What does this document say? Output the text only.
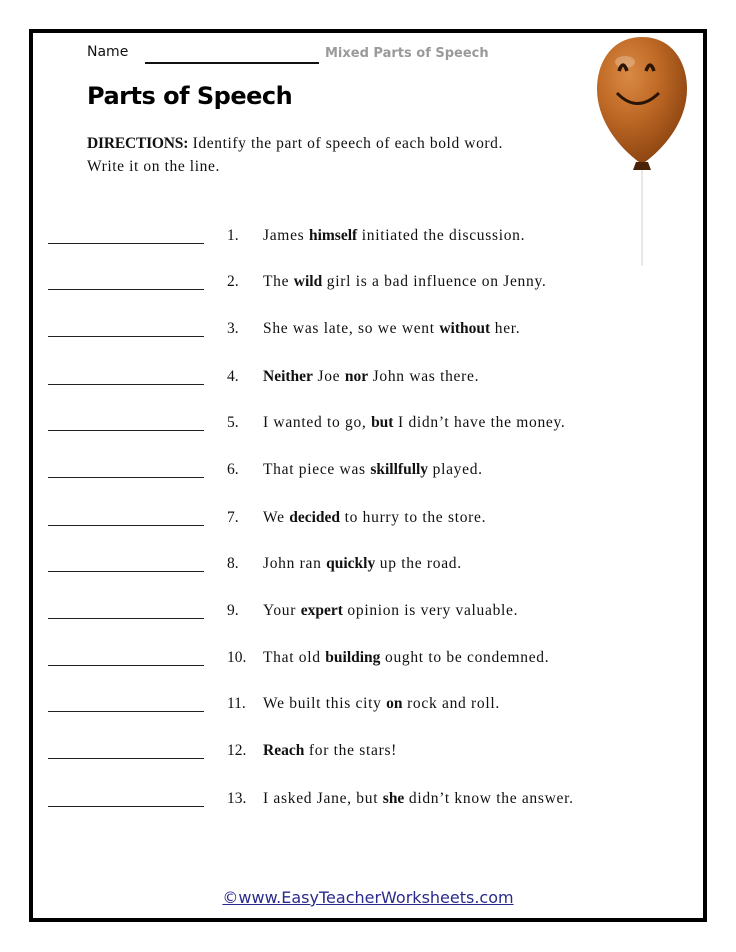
Name	Mixed Parts of Speech
Parts of Speech
DIRECTIONS: Identify the part of speech of each bold word. Write it on the line.
1. James himself initiated the discussion.
2. The wild girl is a bad influence on Jenny.
3. She was late, so we went without her.
4. Neither Joe nor John was there.
5. I wanted to go, but I didn’t have the money.
6. That piece was skillfully played.
7. We decided to hurry to the store.
8. John ran quickly up the road.
9. Your expert opinion is very valuable.
10. That old building ought to be condemned.
11. We built this city on rock and roll.
12. Reach for the stars!
13. I asked Jane, but she didn’t know the answer.
©www.EasyTeacherWorksheets.com
